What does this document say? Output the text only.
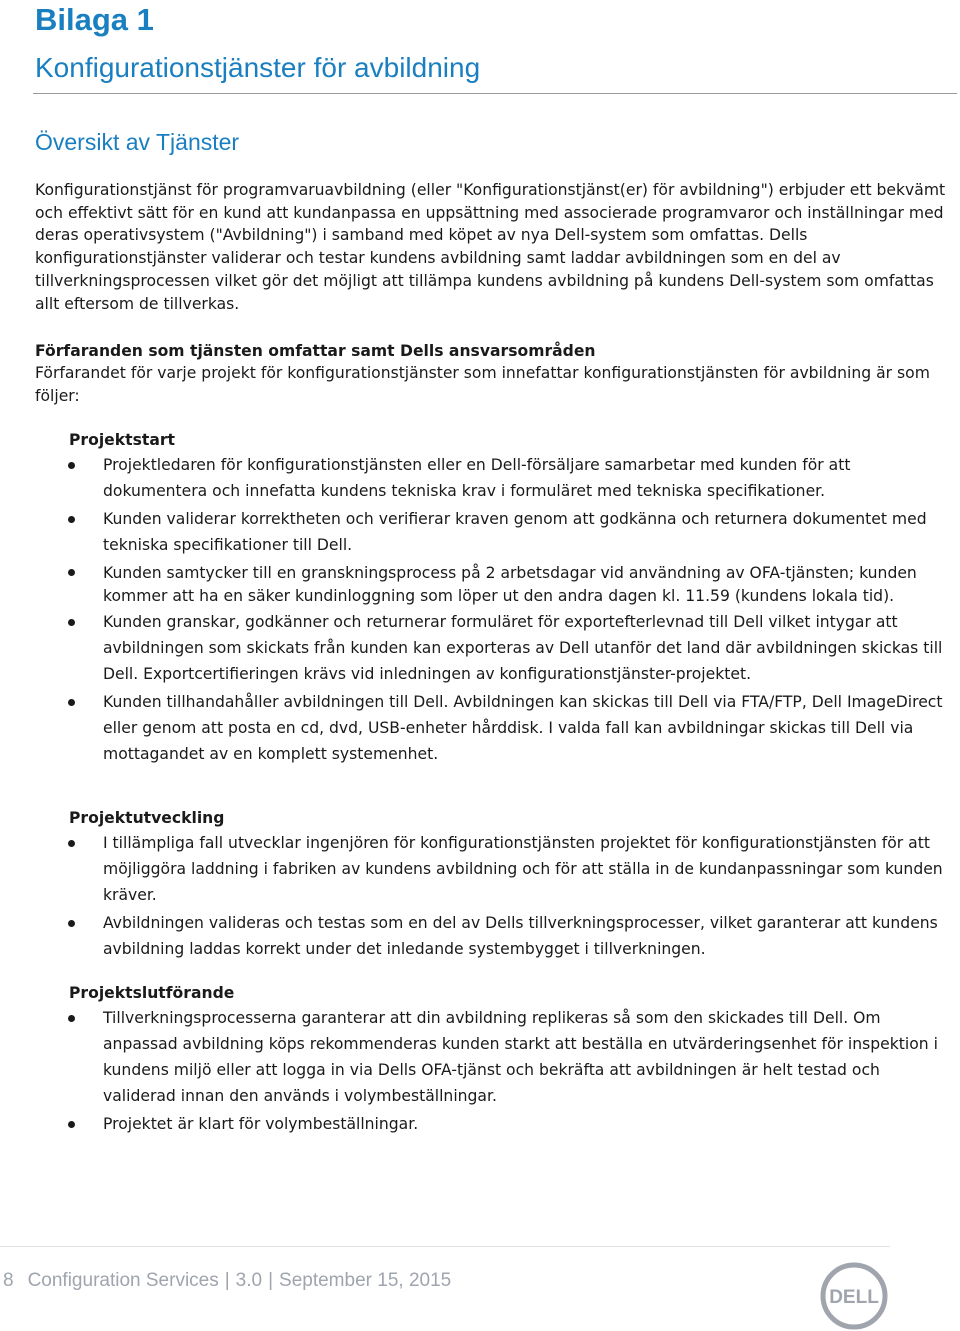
Bilaga 1
Konfigurationstjänster för avbildning
Översikt av Tjänster

Konfigurationstjänst för programvaruavbildning (eller "Konfigurationstjänst(er) för avbildning") erbjuder ett bekvämt och effektivt sätt för en kund att kundanpassa en uppsättning med associerade programvaror och inställningar med deras operativsystem ("Avbildning") i samband med köpet av nya Dell-system som omfattas. Dells konfigurationstjänster validerar och testar kundens avbildning samt laddar avbildningen som en del av tillverkningsprocessen vilket gör det möjligt att tillämpa kundens avbildning på kundens Dell-system som omfattas allt eftersom de tillverkas.

Förfaranden som tjänsten omfattar samt Dells ansvarsområden

Förfarandet för varje projekt för konfigurationstjänster som innefattar konfigurationstjänsten för avbildning är som följer:

Projektstart

Projektledaren för konfigurationstjänsten eller en Dell-försäljare samarbetar med kunden för att dokumentera och innefatta kundens tekniska krav i formuläret med tekniska specifikationer.
Kunden validerar korrektheten och verifierar kraven genom att godkänna och returnera dokumentet med tekniska specifikationer till Dell.
Kunden samtycker till en granskningsprocess på 2 arbetsdagar vid användning av OFA-tjänsten; kunden kommer att ha en säker kundinloggning som löper ut den andra dagen kl. 11.59 (kundens lokala tid).
Kunden granskar, godkänner och returnerar formuläret för exportefterlevnad till Dell vilket intygar att avbildningen som skickats från kunden kan exporteras av Dell utanför det land där avbildningen skickas till Dell. Exportcertifieringen krävs vid inledningen av konfigurationstjänster-projektet.
Kunden tillhandahåller avbildningen till Dell. Avbildningen kan skickas till Dell via FTA/FTP, Dell ImageDirect eller genom att posta en cd, dvd, USB-enheter hårddisk. I valda fall kan avbildningar skickas till Dell via mottagandet av en komplett systemenhet.

Projektutveckling

I tillämpliga fall utvecklar ingenjören för konfigurationstjänsten projektet för konfigurationstjänsten för att möjliggöra laddning i fabriken av kundens avbildning och för att ställa in de kundanpassningar som kunden kräver.
Avbildningen valideras och testas som en del av Dells tillverkningsprocesser, vilket garanterar att kundens avbildning laddas korrekt under det inledande systembygget i tillverkningen.

Projektslutförande

Tillverkningsprocesserna garanterar att din avbildning replikeras så som den skickades till Dell. Om anpassad avbildning köps rekommenderas kunden starkt att beställa en utvärderingsenhet för inspektion i kundens miljö eller att logga in via Dells OFA-tjänst och bekräfta att avbildningen är helt testad och validerad innan den används i volymbeställningar.
Projektet är klart för volymbeställningar.

8 Configuration Services | 3.0 | September 15, 2015

DELL
